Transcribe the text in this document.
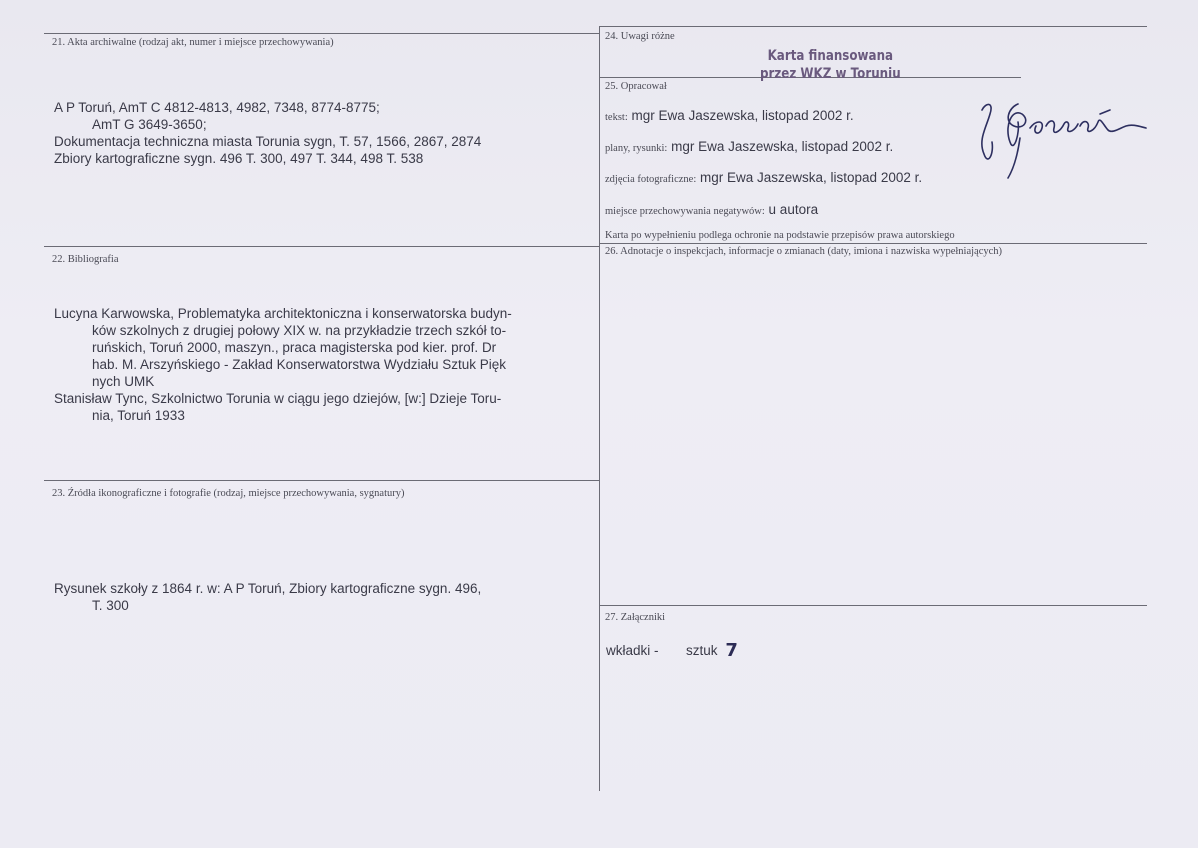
21. Akta archiwalne (rodzaj akt, numer i miejsce przechowywania)
A P Toruń, AmT C 4812-4813, 4982, 7348, 8774-8775;
AmT G 3649-3650;
Dokumentacja techniczna miasta Torunia sygn, T. 57, 1566, 2867, 2874
Zbiory kartograficzne sygn. 496 T. 300, 497 T. 344, 498 T. 538
22. Bibliografia
Lucyna Karwowska, Problematyka architektoniczna i konserwatorska budyn-
ków szkolnych z drugiej połowy XIX w. na przykładzie trzech szkół to-
ruńskich, Toruń 2000, maszyn., praca magisterska pod kier. prof. Dr
hab. M. Arszyńskiego - Zakład Konserwatorstwa Wydziału Sztuk Pięk
nych UMK
Stanisław Tync, Szkolnictwo Torunia w ciągu jego dziejów, [w:] Dzieje Toru-
nia, Toruń 1933
23. Źródła ikonograficzne i fotografie (rodzaj, miejsce przechowywania, sygnatury)
Rysunek szkoły z 1864 r. w: A P Toruń, Zbiory kartograficzne sygn. 496,
T. 300
24. Uwagi różne
Karta finansowana
przez WKZ w Toruniu
25. Opracował
tekst: mgr Ewa Jaszewska, listopad 2002 r.
plany, rysunki: mgr Ewa Jaszewska, listopad 2002 r.
zdjęcia fotograficzne: mgr Ewa Jaszewska, listopad 2002 r.
miejsce przechowywania negatywów: u autora
Karta po wypełnieniu podlega ochronie na podstawie przepisów prawa autorskiego
26. Adnotacje o inspekcjach, informacje o zmianach (daty, imiona i nazwiska wypełniających)
27. Załączniki
wkładki - sztuk 7
